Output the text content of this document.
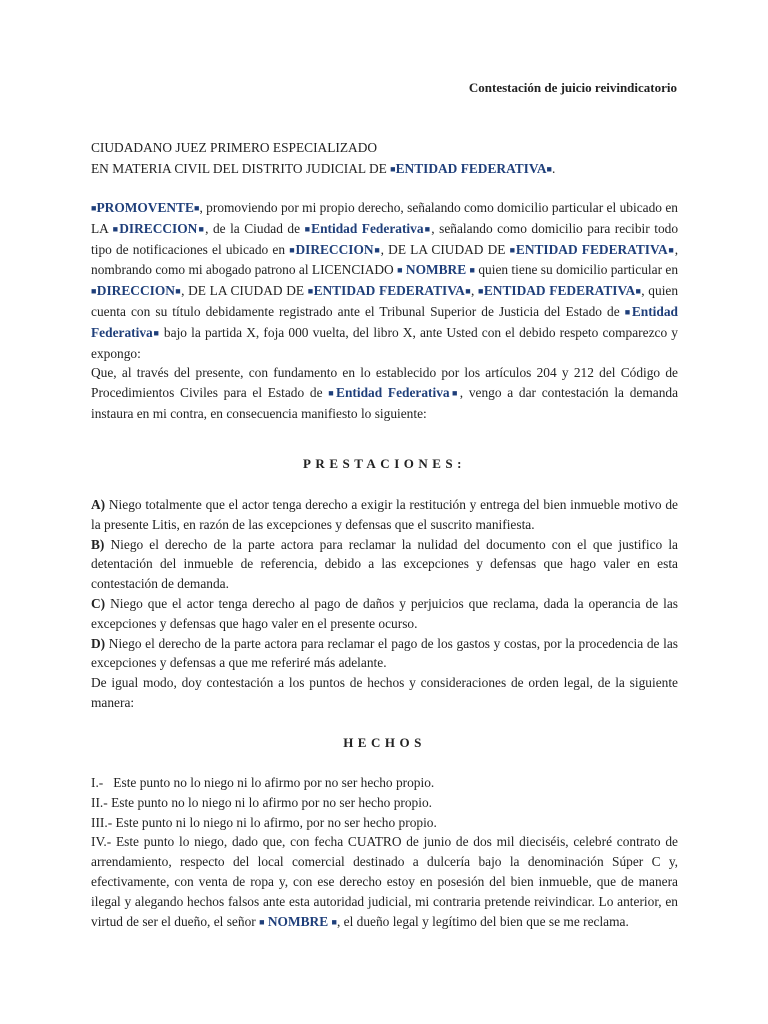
Contestación de juicio reivindicatorio
CIUDADANO JUEZ PRIMERO ESPECIALIZADO
EN MATERIA CIVIL DEL DISTRITO JUDICIAL DE ■ENTIDAD FEDERATIVA■.

■PROMOVENTE■, promoviendo por mi propio derecho, señalando como domicilio particular el ubicado en LA ■DIRECCION■, de la Ciudad de ■Entidad Federativa■, señalando como domicilio para recibir todo tipo de notificaciones el ubicado en ■DIRECCION■, DE LA CIUDAD DE ■ENTIDAD FEDERATIVA■, nombrando como mi abogado patrono al LICENCIADO ■ NOMBRE ■ quien tiene su domicilio particular en ■DIRECCION■, DE LA CIUDAD DE ■ENTIDAD FEDERATIVA■, ■ENTIDAD FEDERATIVA■, quien cuenta con su título debidamente registrado ante el Tribunal Superior de Justicia del Estado de ■Entidad Federativa■ bajo la partida X, foja 000 vuelta, del libro X, ante Usted con el debido respeto comparezco y expongo:

Que, al través del presente, con fundamento en lo establecido por los artículos 204 y 212 del Código de Procedimientos Civiles para el Estado de ■Entidad Federativa■, vengo a dar contestación la demanda instaura en mi contra, en consecuencia manifiesto lo siguiente:

PRESTACIONES:

A) Niego totalmente que el actor tenga derecho a exigir la restitución y entrega del bien inmueble motivo de la presente Litis, en razón de las excepciones y defensas que el suscrito manifiesta.

B) Niego el derecho de la parte actora para reclamar la nulidad del documento con el que justifico la detentación del inmueble de referencia, debido a las excepciones y defensas que hago valer en esta contestación de demanda.

C) Niego que el actor tenga derecho al pago de daños y perjuicios que reclama, dada la operancia de las excepciones y defensas que hago valer en el presente ocurso.

D) Niego el derecho de la parte actora para reclamar el pago de los gastos y costas, por la procedencia de las excepciones y defensas a que me referiré más adelante.

De igual modo, doy contestación a los puntos de hechos y consideraciones de orden legal, de la siguiente manera:

HECHOS

I.-   Este punto no lo niego ni lo afirmo por no ser hecho propio.

II.- Este punto no lo niego ni lo afirmo por no ser hecho propio.

III.- Este punto ni lo niego ni lo afirmo, por no ser hecho propio.

IV.- Este punto lo niego, dado que, con fecha CUATRO de junio de dos mil dieciséis, celebré contrato de arrendamiento, respecto del local comercial destinado a dulcería bajo la denominación Súper C y, efectivamente, con venta de ropa y, con ese derecho estoy en posesión del bien inmueble, que de manera ilegal y alegando hechos falsos ante esta autoridad judicial, mi contraria pretende reivindicar. Lo anterior, en virtud de ser el dueño, el señor ■ NOMBRE ■, el dueño legal y legítimo del bien que se me reclama.
